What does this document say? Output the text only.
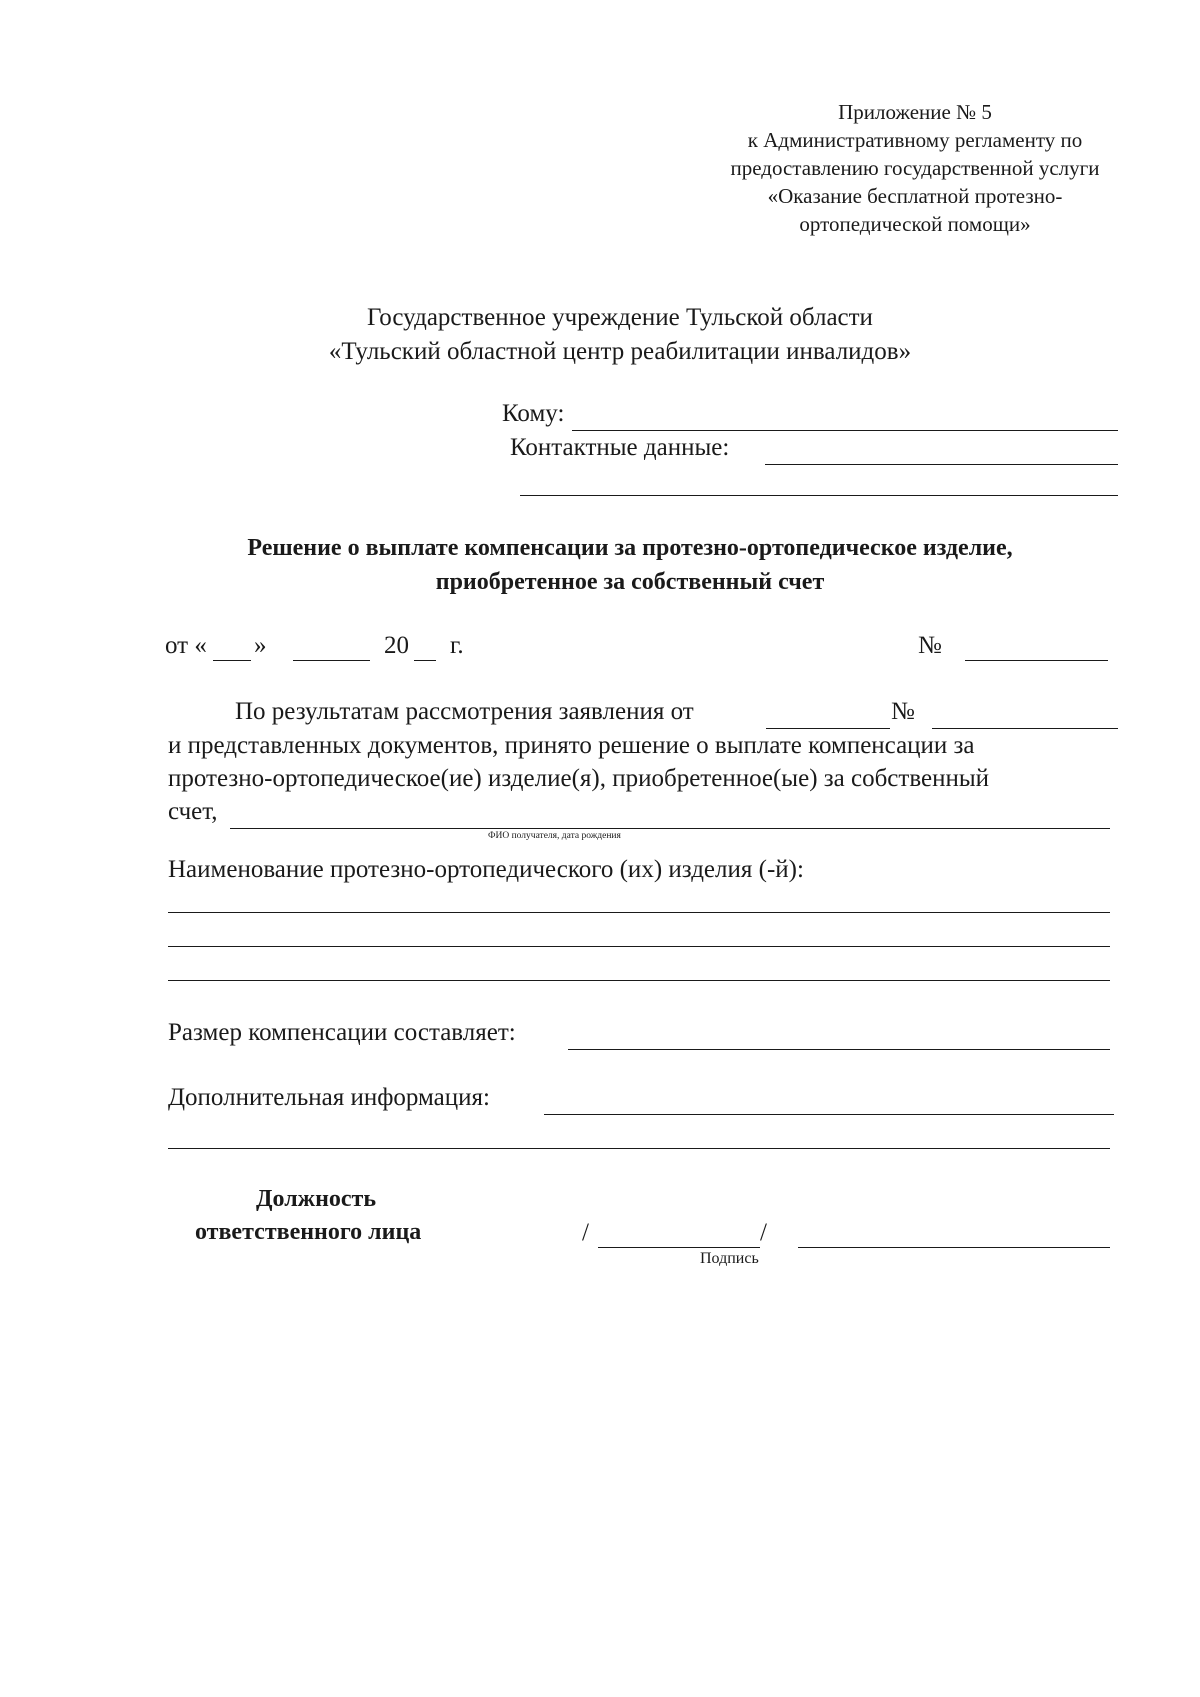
Приложение № 5
к Административному регламенту по
предоставлению государственной услуги
«Оказание бесплатной протезно-
ортопедической помощи»
Государственное учреждение Тульской области
«Тульский областной центр реабилитации инвалидов»
Кому:
Контактные данные:
Решение о выплате компенсации за протезно-ортопедическое изделие,
приобретенное за собственный счет
от « »	20 г.	№
По результатам рассмотрения заявления от	№
и представленных документов, принято решение о выплате компенсации за
протезно-ортопедическое(ие) изделие(я), приобретенное(ые) за собственный
счет,
ФИО получателя, дата рождения
Наименование протезно-ортопедического (их) изделия (-й):
Размер компенсации составляет:
Дополнительная информация:
Должность
ответственного лица	/	/
Подпись
